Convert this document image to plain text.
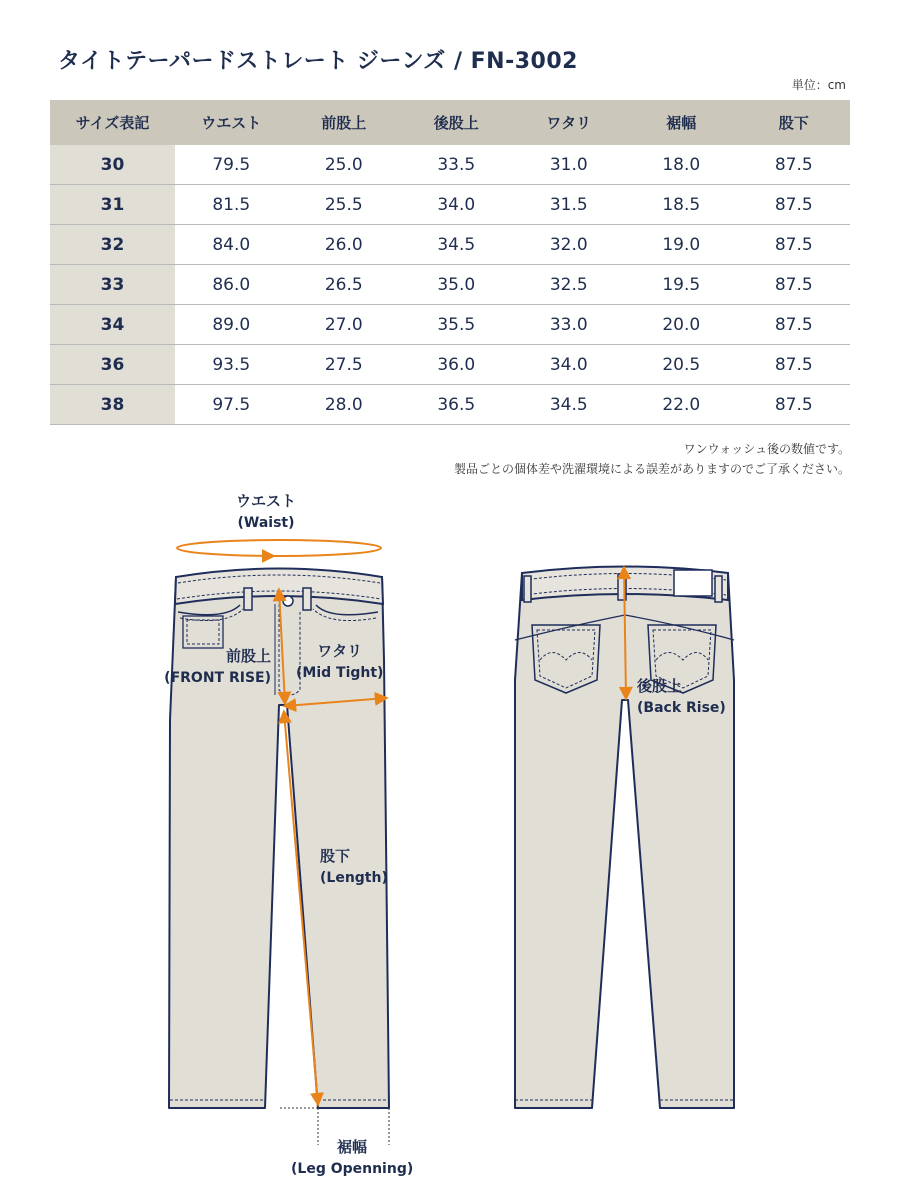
タイトテーパードストレート ジーンズ / FN-3002
単位：cm
サイズ表記	ウエスト	前股上	後股上	ワタリ	裾幅	股下
30	79.5	25.0	33.5	31.0	18.0	87.5
31	81.5	25.5	34.0	31.5	18.5	87.5
32	84.0	26.0	34.5	32.0	19.0	87.5
33	86.0	26.5	35.0	32.5	19.5	87.5
34	89.0	27.0	35.5	33.0	20.0	87.5
36	93.5	27.5	36.0	34.0	20.5	87.5
38	97.5	28.0	36.5	34.5	22.0	87.5
ワンウォッシュ後の数値です。
製品ごとの個体差や洗濯環境による誤差がありますのでご了承ください。
ウエスト
(Waist)
前股上
(FRONT RISE)
ワタリ
(Mid Tight)
股下
(Length)
後股上
(Back Rise)
裾幅
(Leg Openning)
